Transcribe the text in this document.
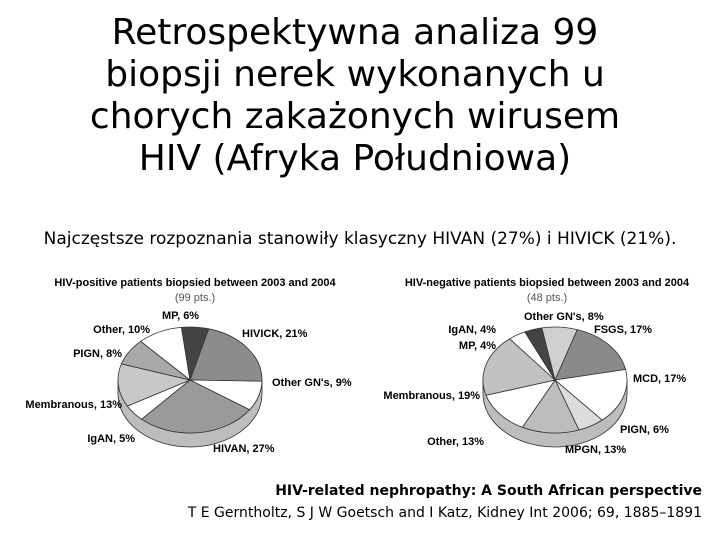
Retrospektywna analiza 99 biopsji nerek wykonanych u chorych zakażonych wirusem HIV (Afryka Południowa)
Najczęstsze rozpoznania stanowiły klasyczny HIVAN (27%) i HIVICK (21%).
HIV-positive patients biopsied between 2003 and 2004
(99 pts.)
HIVICK, 21%
Other GN's, 9%
HIVAN, 27%
IgAN, 5%
Membranous, 13%
PIGN, 8%
Other, 10%
MP, 6%
HIV-negative patients biopsied between 2003 and 2004
(48 pts.)
FSGS, 17%
MCD, 17%
PIGN, 6%
MPGN, 13%
Other, 13%
Membranous, 19%
MP, 4%
IgAN, 4%
Other GN's, 8%
HIV-related nephropathy: A South African perspective
T E Gerntholtz, S J W Goetsch and I Katz, Kidney Int 2006; 69, 1885–1891
